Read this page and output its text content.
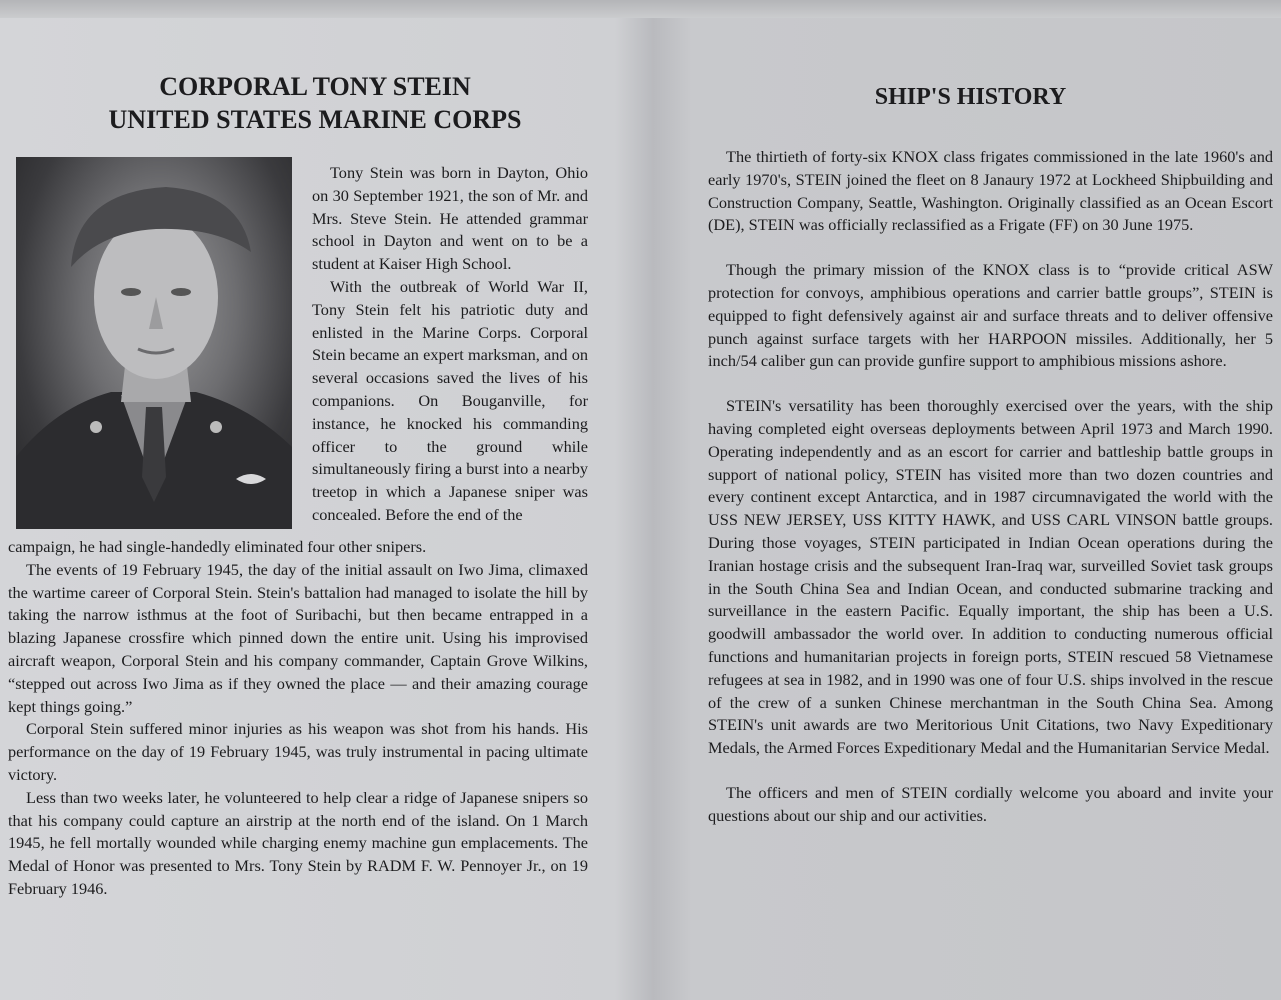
CORPORAL TONY STEIN
UNITED STATES MARINE CORPS

Tony Stein was born in Dayton, Ohio on 30 September 1921, the son of Mr. and Mrs. Steve Stein. He attended grammar school in Dayton and went on to be a student at Kaiser High School.

With the outbreak of World War II, Tony Stein felt his patriotic duty and enlisted in the Marine Corps. Corporal Stein became an expert marksman, and on several occasions saved the lives of his companions. On Bouganville, for instance, he knocked his commanding officer to the ground while simultaneously firing a burst into a nearby treetop in which a Japanese sniper was concealed. Before the end of the

campaign, he had single-handedly eliminated four other snipers.

The events of 19 February 1945, the day of the initial assault on Iwo Jima, climaxed the wartime career of Corporal Stein. Stein's battalion had managed to isolate the hill by taking the narrow isthmus at the foot of Suribachi, but then became entrapped in a blazing Japanese crossfire which pinned down the entire unit. Using his improvised aircraft weapon, Corporal Stein and his company commander, Captain Grove Wilkins, “stepped out across Iwo Jima as if they owned the place — and their amazing courage kept things going.”

Corporal Stein suffered minor injuries as his weapon was shot from his hands. His performance on the day of 19 February 1945, was truly instrumental in pacing ultimate victory.

Less than two weeks later, he volunteered to help clear a ridge of Japanese snipers so that his company could capture an airstrip at the north end of the island. On 1 March 1945, he fell mortally wounded while charging enemy machine gun emplacements. The Medal of Honor was presented to Mrs. Tony Stein by RADM F. W. Pennoyer Jr., on 19 February 1946.

SHIP'S HISTORY

The thirtieth of forty-six KNOX class frigates commissioned in the late 1960's and early 1970's, STEIN joined the fleet on 8 Janaury 1972 at Lockheed Shipbuilding and Construction Company, Seattle, Washington. Originally classified as an Ocean Escort (DE), STEIN was officially reclassified as a Frigate (FF) on 30 June 1975.

Though the primary mission of the KNOX class is to “provide critical ASW protection for convoys, amphibious operations and carrier battle groups”, STEIN is equipped to fight defensively against air and surface threats and to deliver offensive punch against surface targets with her HARPOON missiles. Additionally, her 5 inch/54 caliber gun can provide gunfire support to amphibious missions ashore.

STEIN's versatility has been thoroughly exercised over the years, with the ship having completed eight overseas deployments between April 1973 and March 1990. Operating independently and as an escort for carrier and battleship battle groups in support of national policy, STEIN has visited more than two dozen countries and every continent except Antarctica, and in 1987 circumnavigated the world with the USS NEW JERSEY, USS KITTY HAWK, and USS CARL VINSON battle groups. During those voyages, STEIN participated in Indian Ocean operations during the Iranian hostage crisis and the subsequent Iran-Iraq war, surveilled Soviet task groups in the South China Sea and Indian Ocean, and conducted submarine tracking and surveillance in the eastern Pacific. Equally important, the ship has been a U.S. goodwill ambassador the world over. In addition to conducting numerous official functions and humanitarian projects in foreign ports, STEIN rescued 58 Vietnamese refugees at sea in 1982, and in 1990 was one of four U.S. ships involved in the rescue of the crew of a sunken Chinese merchantman in the South China Sea. Among STEIN's unit awards are two Meritorious Unit Citations, two Navy Expeditionary Medals, the Armed Forces Expeditionary Medal and the Humanitarian Service Medal.

The officers and men of STEIN cordially welcome you aboard and invite your questions about our ship and our activities.
